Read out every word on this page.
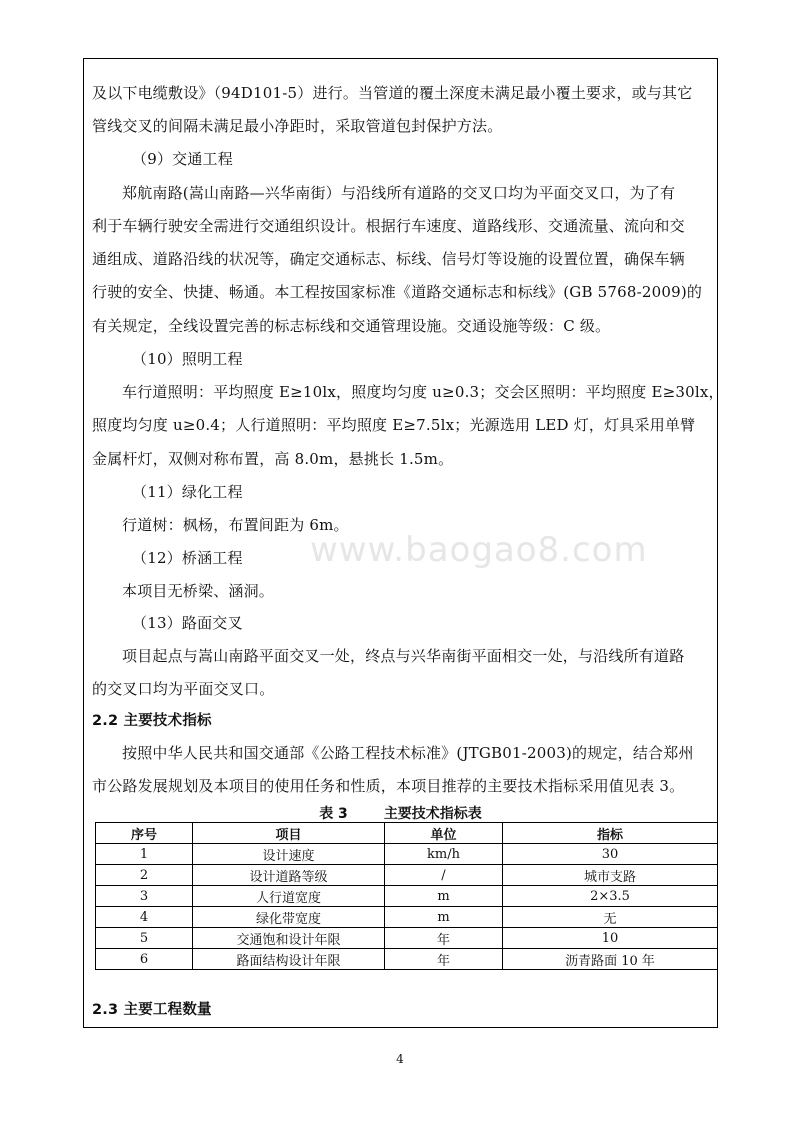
及以下电缆敷设》（94D101-5）进行。当管道的覆土深度未满足最小覆土要求，或与其它
管线交叉的间隔未满足最小净距时，采取管道包封保护方法。
（9）交通工程
郑航南路(嵩山南路—兴华南街）与沿线所有道路的交叉口均为平面交叉口，为了有
利于车辆行驶安全需进行交通组织设计。根据行车速度、道路线形、交通流量、流向和交
通组成、道路沿线的状况等，确定交通标志、标线、信号灯等设施的设置位置，确保车辆
行驶的安全、快捷、畅通。本工程按国家标准《道路交通标志和标线》(GB 5768-2009)的
有关规定，全线设置完善的标志标线和交通管理设施。交通设施等级：C 级。
（10）照明工程
车行道照明：平均照度 E≥10lx，照度均匀度 u≥0.3；交会区照明：平均照度 E≥30lx，
照度均匀度 u≥0.4；人行道照明：平均照度 E≥7.5lx；光源选用 LED 灯，灯具采用单臂
金属杆灯，双侧对称布置，高 8.0m，悬挑长 1.5m。
（11）绿化工程
行道树：枫杨，布置间距为 6m。
（12）桥涵工程
本项目无桥梁、涵洞。
（13）路面交叉
项目起点与嵩山南路平面交叉一处，终点与兴华南街平面相交一处，与沿线所有道路
的交叉口均为平面交叉口。
2.2 主要技术指标
按照中华人民共和国交通部《公路工程技术标准》(JTGB01-2003)的规定，结合郑州
市公路发展规划及本项目的使用任务和性质，本项目推荐的主要技术指标采用值见表 3。
表 3	主要技术指标表
序号	项目	单位	指标
1	设计速度	km/h	30
2	设计道路等级	/	城市支路
3	人行道宽度	m	2×3.5
4	绿化带宽度	m	无
5	交通饱和设计年限	年	10
6	路面结构设计年限	年	沥青路面 10 年
2.3 主要工程数量
www.baogao8.com
4
